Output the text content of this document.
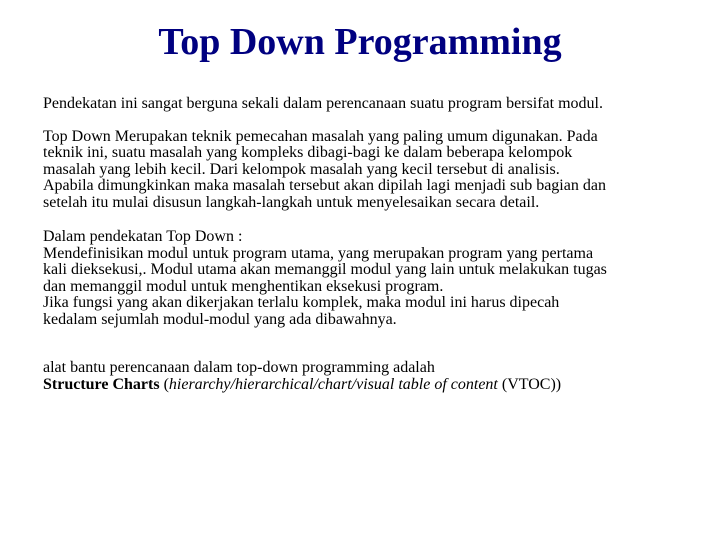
Top Down Programming
Pendekatan ini sangat berguna sekali dalam perencanaan suatu program bersifat modul.
Top Down Merupakan teknik pemecahan masalah yang paling umum digunakan. Pada
teknik ini, suatu masalah yang kompleks dibagi-bagi ke dalam beberapa kelompok
masalah yang lebih kecil. Dari kelompok masalah yang kecil tersebut di analisis.
Apabila dimungkinkan maka masalah tersebut akan dipilah lagi menjadi sub bagian dan
setelah itu mulai disusun langkah-langkah untuk menyelesaikan secara detail.
Dalam pendekatan Top Down :
Mendefinisikan modul untuk program utama, yang merupakan program yang pertama
kali dieksekusi,. Modul utama akan memanggil modul yang lain untuk melakukan tugas
dan memanggil modul untuk menghentikan eksekusi program.
Jika fungsi yang akan dikerjakan terlalu komplek, maka modul ini harus dipecah
kedalam sejumlah modul-modul yang ada dibawahnya.
alat bantu perencanaan dalam top-down programming adalah
Structure Charts (hierarchy/hierarchical/chart/visual table of content (VTOC))
